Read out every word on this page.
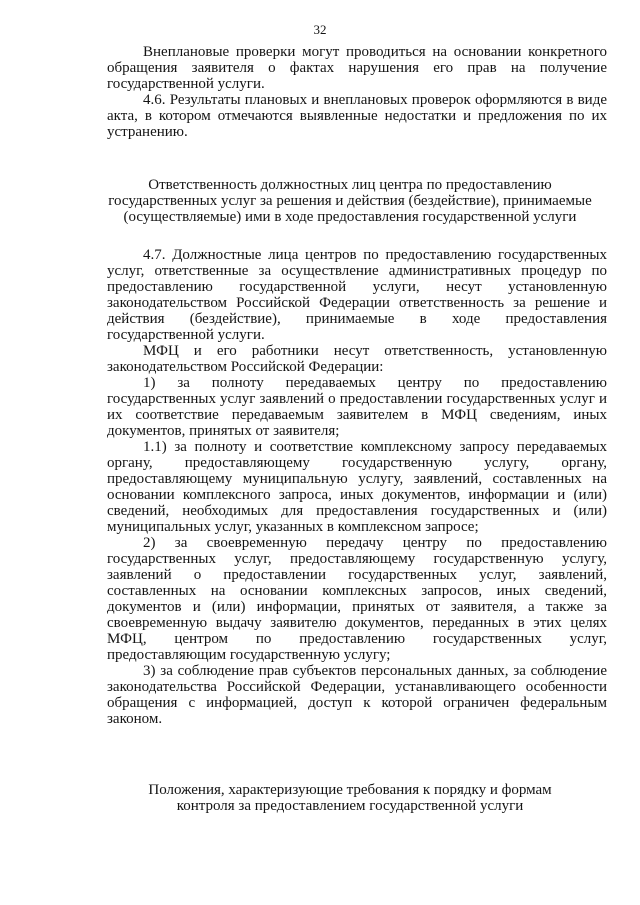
32

Внеплановые проверки могут проводиться на основании конкретного обращения заявителя о фактах нарушения его прав на получение государственной услуги.

4.6. Результаты плановых и внеплановых проверок оформляются в виде акта, в котором отмечаются выявленные недостатки и предложения по их устранению.

Ответственность должностных лиц центра по предоставлению
государственных услуг за решения и действия (бездействие), принимаемые
(осуществляемые) ими в ходе предоставления государственной услуги

4.7. Должностные лица центров по предоставлению государственных услуг, ответственные за осуществление административных процедур по предоставлению государственной услуги, несут установленную законодательством Российской Федерации ответственность за решение и действия (бездействие), принимаемые в ходе предоставления государственной услуги.

МФЦ и его работники несут ответственность, установленную законодательством Российской Федерации:

1) за полноту передаваемых центру по предоставлению государственных услуг заявлений о предоставлении государственных услуг и их соответствие передаваемым заявителем в МФЦ сведениям, иных документов, принятых от заявителя;

1.1) за полноту и соответствие комплексному запросу передаваемых органу, предоставляющему государственную услугу, органу, предоставляющему муниципальную услугу, заявлений, составленных на основании комплексного запроса, иных документов, информации и (или) сведений, необходимых для предоставления государственных и (или) муниципальных услуг, указанных в комплексном запросе;

2) за своевременную передачу центру по предоставлению государственных услуг, предоставляющему государственную услугу, заявлений о предоставлении государственных услуг, заявлений, составленных на основании комплексных запросов, иных сведений, документов и (или) информации, принятых от заявителя, а также за своевременную выдачу заявителю документов, переданных в этих целях МФЦ, центром по предоставлению государственных услуг, предоставляющим государственную услугу;

3) за соблюдение прав субъектов персональных данных, за соблюдение законодательства Российской Федерации, устанавливающего особенности обращения с информацией, доступ к которой ограничен федеральным законом.

Положения, характеризующие требования к порядку и формам
контроля за предоставлением государственной услуги
